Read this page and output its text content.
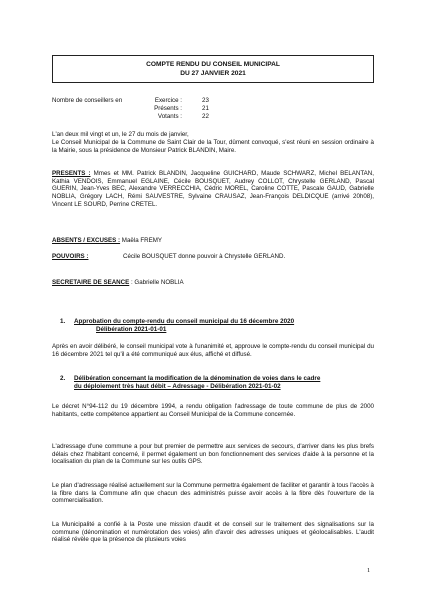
COMPTE RENDU DU CONSEIL MUNICIPAL
DU 27 JANVIER 2021
Nombre de conseillers en	Exercice :	23
Présents :	21
Votants :	22
L'an deux mil vingt et un, le 27 du mois de janvier,
Le Conseil Municipal de la Commune de Saint Clair de la Tour, dûment convoqué, s'est réuni en session ordinaire à la Mairie, sous la présidence de Monsieur Patrick BLANDIN, Maire.
PRESENTS : Mmes et MM. Patrick BLANDIN, Jacqueline GUICHARD, Maude SCHWARZ, Michel BELANTAN, Kathia VENDOIS, Emmanuel EGLAINE, Cécile BOUSQUET, Audrey COLLOT, Chrystelle GERLAND, Pascal GUERIN, Jean-Yves BEC, Alexandre VERRECCHIA, Cédric MOREL, Caroline COTTE, Pascale GAUD, Gabrielle NOBLIA, Grégory LACH, Rémi SAUVESTRE, Sylvaine CRAUSAZ, Jean-François DELDICQUE (arrivé 20h08), Vincent LE SOURD, Perrine CRETEL.
ABSENTS / EXCUSES : Maëla FREMY
POUVOIRS :	Cécile BOUSQUET donne pouvoir à Chrystelle GERLAND.
SECRETAIRE DE SEANCE : Gabrielle NOBLIA
1. Approbation du compte-rendu du conseil municipal du 16 décembre 2020
Délibération 2021-01-01
Après en avoir délibéré, le conseil municipal vote à l'unanimité et, approuve le compte-rendu du conseil municipal du 16 décembre 2021 tel qu'il a été communiqué aux élus, affiché et diffusé.
2. Délibération concernant la modification de la dénomination de voies dans le cadre
du déploiement très haut débit – Adressage - Délibération 2021-01-02
Le décret N°94-112 du 19 décembre 1994, a rendu obligation l'adressage de toute commune de plus de 2000 habitants, cette compétence appartient au Conseil Municipal de la Commune concernée.
L'adressage d'une commune a pour but premier de permettre aux services de secours, d'arriver dans les plus brefs délais chez l'habitant concerné, il permet également un bon fonctionnement des services d'aide à la personne et la localisation du plan de la Commune sur les outils GPS.
Le plan d'adressage réalisé actuellement sur la Commune permettra également de faciliter et garantir à tous l'accès à la fibre dans la Commune afin que chacun des administrés puisse avoir accès à la fibre dès l'ouverture de la commercialisation.
La Municipalité a confié à la Poste une mission d'audit et de conseil sur le traitement des signalisations sur la commune (dénomination et numérotation des voies) afin d'avoir des adresses uniques et géolocalisables. L'audit réalisé révèle que la présence de plusieurs voies
1
